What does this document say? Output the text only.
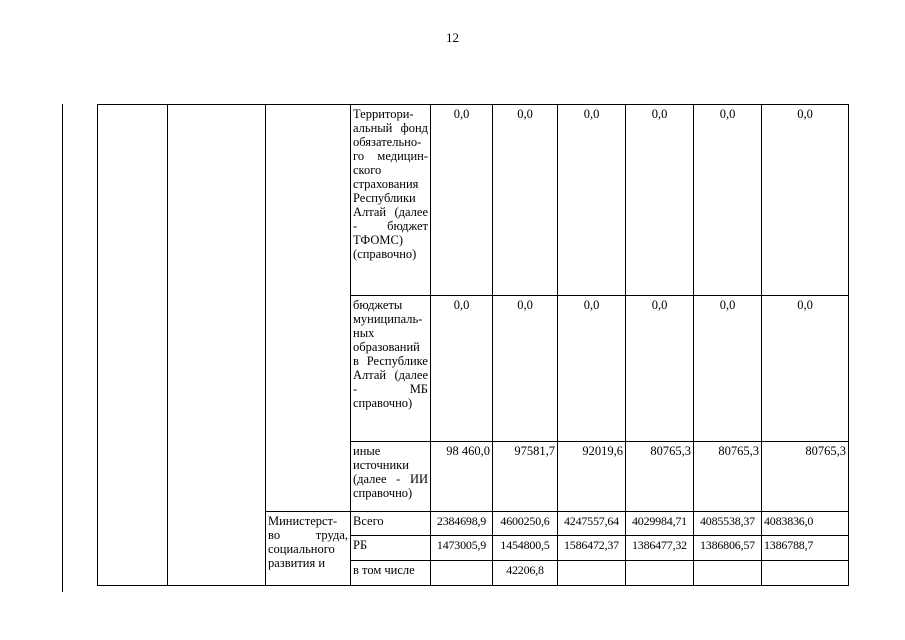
12
			Территори-альный фонд обязательно-го медицин-ского страхования Республики Алтай (далее - бюджет ТФОМС) (справочно)	0,0	0,0	0,0	0,0	0,0	0,0
			бюджеты муниципаль-ных образований в Республике Алтай (далее - МБ справочно)	0,0	0,0	0,0	0,0	0,0	0,0
			иные источники (далее - ИИ справочно)	98 460,0	97581,7	92019,6	80765,3	80765,3	80765,3
		Министерст-во труда, социального развития и	Всего	2384698,9	4600250,6	4247557,64	4029984,71	4085538,37	4083836,0
			РБ	1473005,9	1454800,5	1586472,37	1386477,32	1386806,57	1386788,7
			в том числе		42206,8				
